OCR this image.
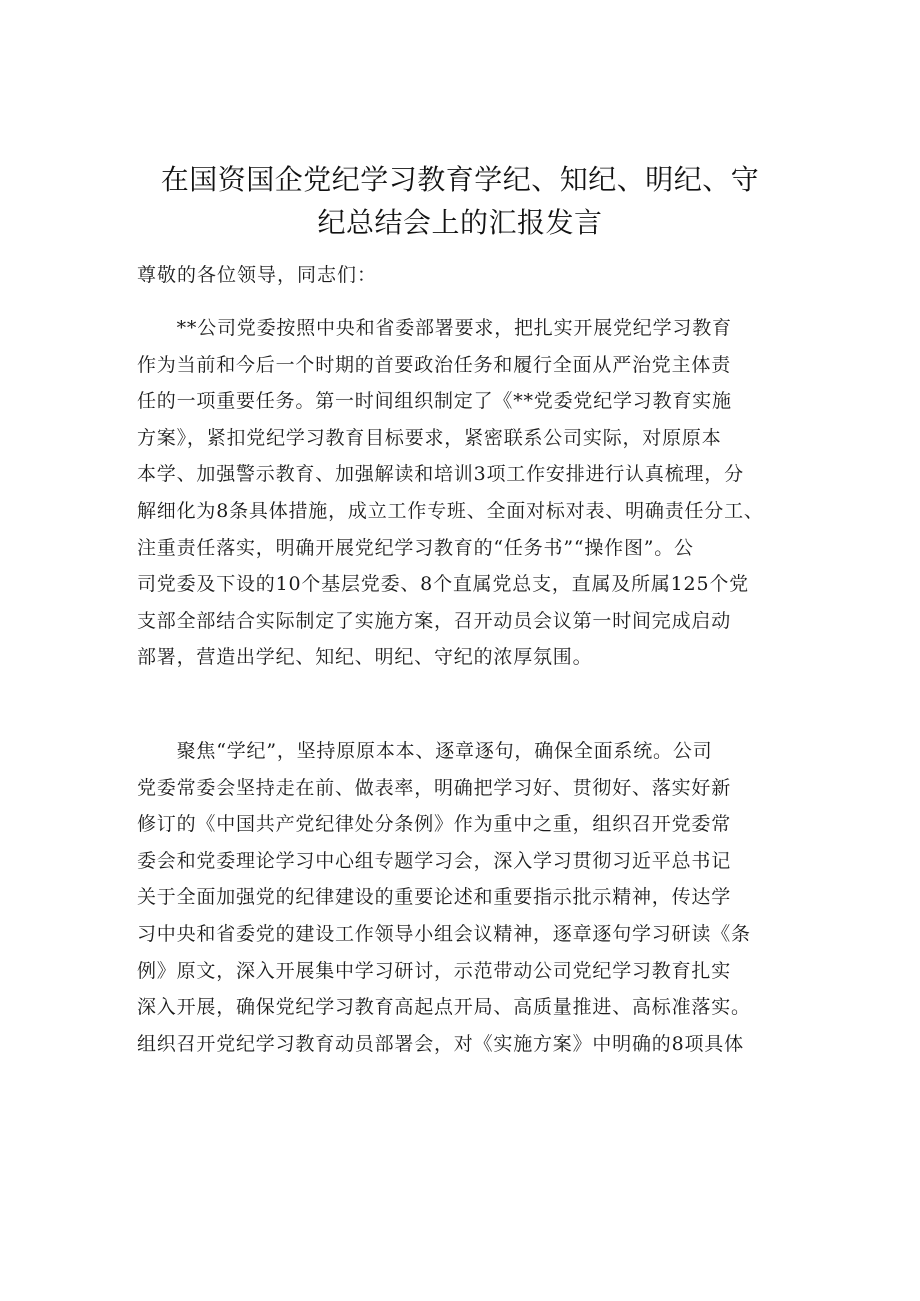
在国资国企党纪学习教育学纪、知纪、明纪、守
纪总结会上的汇报发言

尊敬的各位领导，同志们：

　　**公司党委按照中央和省委部署要求，把扎实开展党纪学习教育
作为当前和今后一个时期的首要政治任务和履行全面从严治党主体责
任的一项重要任务。第一时间组织制定了《**党委党纪学习教育实施
方案》，紧扣党纪学习教育目标要求，紧密联系公司实际，对原原本
本学、加强警示教育、加强解读和培训3项工作安排进行认真梳理，分
解细化为8条具体措施，成立工作专班、全面对标对表、明确责任分工、
注重责任落实，明确开展党纪学习教育的“任务书”“操作图”。公
司党委及下设的10个基层党委、8个直属党总支，直属及所属125个党
支部全部结合实际制定了实施方案，召开动员会议第一时间完成启动
部署，营造出学纪、知纪、明纪、守纪的浓厚氛围。
　　聚焦“学纪”，坚持原原本本、逐章逐句，确保全面系统。公司
党委常委会坚持走在前、做表率，明确把学习好、贯彻好、落实好新
修订的《中国共产党纪律处分条例》作为重中之重，组织召开党委常
委会和党委理论学习中心组专题学习会，深入学习贯彻习近平总书记
关于全面加强党的纪律建设的重要论述和重要指示批示精神，传达学
习中央和省委党的建设工作领导小组会议精神，逐章逐句学习研读《条
例》原文，深入开展集中学习研讨，示范带动公司党纪学习教育扎实
深入开展，确保党纪学习教育高起点开局、高质量推进、高标准落实。
组织召开党纪学习教育动员部署会，对《实施方案》中明确的8项具体
